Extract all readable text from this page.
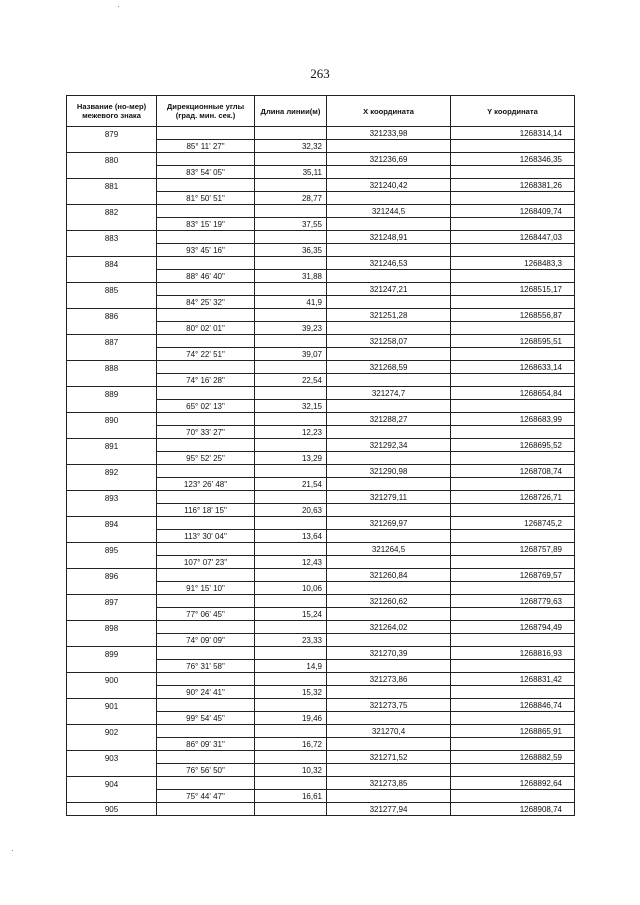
263
Название (но-мер) межевого знака	Дирекционные углы (град. мин. сек.)	Длина линии(м)	X координата	Y координата
879			321233,98	1268314,14
	85° 11' 27"	32,32		
880			321236,69	1268346,35
	83° 54' 05"	35,11		
881			321240,42	1268381,26
	81° 50' 51"	28,77		
882			321244,5	1268409,74
	83° 15' 19"	37,55		
883			321248,91	1268447,03
	93° 45' 16"	36,35		
884			321246,53	1268483,3
	88° 46' 40"	31,88		
885			321247,21	1268515,17
	84° 25' 32"	41,9		
886			321251,28	1268556,87
	80° 02' 01"	39,23		
887			321258,07	1268595,51
	74° 22' 51"	39,07		
888			321268,59	1268633,14
	74° 16' 28"	22,54		
889			321274,7	1268654,84
	65° 02' 13"	32,15		
890			321288,27	1268683,99
	70° 33' 27"	12,23		
891			321292,34	1268695,52
	95° 52' 25"	13,29		
892			321290,98	1268708,74
	123° 26' 48"	21,54		
893			321279,11	1268726,71
	116° 18' 15"	20,63		
894			321269,97	1268745,2
	113° 30' 04"	13,64		
895			321264,5	1268757,89
	107° 07' 23"	12,43		
896			321260,84	1268769,57
	91° 15' 10"	10,06		
897			321260,62	1268779,63
	77° 06' 45"	15,24		
898			321264,02	1268794,49
	74° 09' 09"	23,33		
899			321270,39	1268816,93
	76° 31' 58"	14,9		
900			321273,86	1268831,42
	90° 24' 41"	15,32		
901			321273,75	1268846,74
	99° 54' 45"	19,46		
902			321270,4	1268865,91
	86° 09' 31"	16,72		
903			321271,52	1268882,59
	76° 56' 50"	10,32		
904			321273,85	1268892,64
	75° 44' 47"	16,61		
905			321277,94	1268908,74
